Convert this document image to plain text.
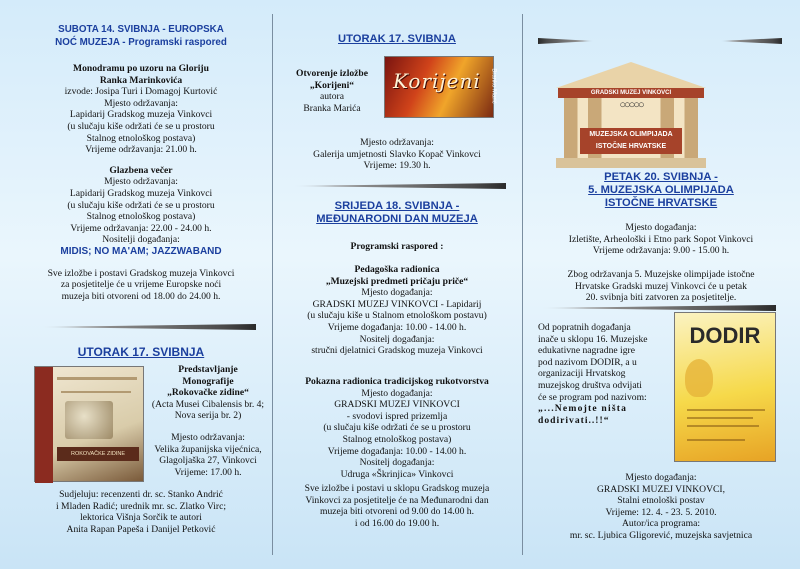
SUBOTA 14. SVIBNJA - EUROPSKA
NOĆ MUZEJA - Programski raspored
Monodramu po uzoru na Gloriju
Ranka Marinkovića
izvode: Josipa Turi i Domagoj Kurtović
Mjesto održavanja:
Lapidarij Gradskog muzeja Vinkovci
(u slučaju kiše održati će se u prostoru
Stalnog etnološkog postava)
Vrijeme održavanja: 21.00 h.
Glazbena večer
Mjesto održavanja:
Lapidarij Gradskog muzeja Vinkovci
(u slučaju kiše održati će se u prostoru
Stalnog etnološkog postava)
Vrijeme održavanja: 22.00 - 24.00 h.
Nositelji događanja:
MIDIS; NO MA'AM; JAZZWABAND
Sve izložbe i postavi Gradskog muzeja Vinkovci
za posjetitelje će u vrijeme Europske noći
muzeja biti otvoreni od 18.00 do 24.00 h.
UTORAK 17. SVIBNJA
ROKOVAČKE ZIDINE
Predstavljanje
Monografije
„Rokovačke zidine“
(Acta Musei Cibalensis br. 4;
Nova serija br. 2)
Mjesto održavanja:
Velika županijska vijećnica,
Glagoljaška 27, Vinkovci
Vrijeme: 17.00 h.
Sudjeluju: recenzenti dr. sc. Stanko Andrić
i Mladen Radić; urednik mr. sc. Zlatko Virc;
lektorica Višnja Sorčik te autori
Anita Rapan Papeša i Danijel Petković
UTORAK 17. SVIBNJA
Otvorenje izložbe
„Korijeni“
autora
Branka Marića
Korijeni Branko Marić
Mjesto održavanja:
Galerija umjetnosti Slavko Kopač Vinkovci
Vrijeme: 19.30 h.
SRIJEDA 18. SVIBNJA -
MEĐUNARODNI DAN MUZEJA
Programski raspored :
Pedagoška radionica
„Muzejski predmeti pričaju priče“
Mjesto događanja:
GRADSKI MUZEJ VINKOVCI - Lapidarij
(u slučaju kiše u Stalnom etnološkom postavu)
Vrijeme događanja: 10.00 - 14.00 h.
Nositelj događanja:
stručni djelatnici Gradskog muzeja Vinkovci
Pokazna radionica tradicijskog rukotvorstva
Mjesto događanja:
GRADSKI MUZEJ VINKOVCI
- svodovi ispred prizemlja
(u slučaju kiše održati će se u prostoru
Stalnog etnološkog postava)
Vrijeme događanja: 10.00 - 14.00 h.
Nositelj događanja:
Udruga «Škrinjica» Vinkovci
Sve izložbe i postavi u sklopu Gradskog muzeja
Vinkovci za posjetitelje će na Međunarodni dan
muzeja biti otvoreni od 9.00 do 14.00 h.
i od 16.00 do 19.00 h.
GRADSKI MUZEJ VINKOVCI
○○○○○
MUZEJSKA OLIMPIJADA
ISTOČNE HRVATSKE
PETAK 20. SVIBNJA -
5. MUZEJSKA OLIMPIJADA
ISTOČNE HRVATSKE
Mjesto događanja:
Izletište, Arheološki i Etno park Sopot Vinkovci
Vrijeme održavanja: 9.00 - 15.00 h.
Zbog održavanja 5. Muzejske olimpijade istočne
Hrvatske Gradski muzej Vinkovci će u petak
20. svibnja biti zatvoren za posjetitelje.
Od popratnih događanja
inače u sklopu 16. Muzejske
edukativne nagradne igre
pod nazivom DODIR, a u
organizaciji Hrvatskog
muzejskog društva odvijati
će se program pod nazivom:
„...Nemojte ništa
dodirivati..!!“
DODIR
Mjesto događanja:
GRADSKI MUZEJ VINKOVCI,
Stalni etnološki postav
Vrijeme: 12. 4. - 23. 5. 2010.
Autor/ica programa:
mr. sc. Ljubica Gligorević, muzejska savjetnica
